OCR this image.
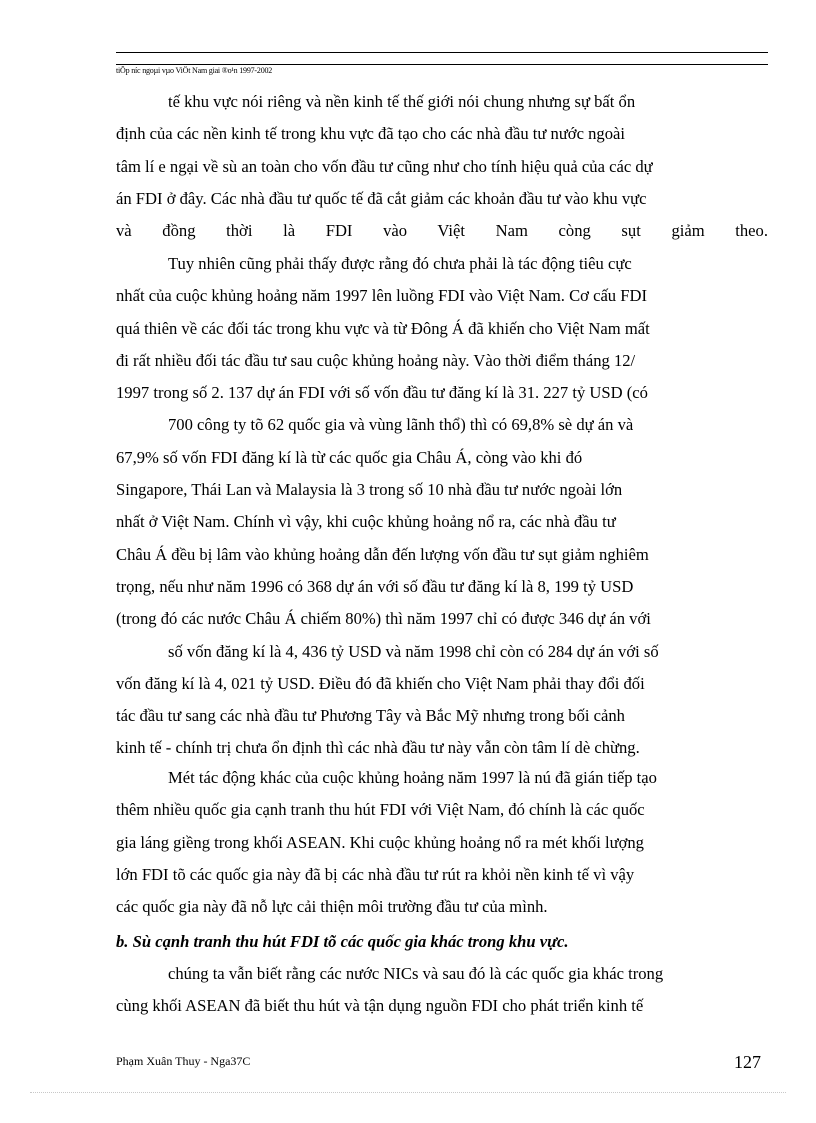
tiÕp níc ngoµi vµo ViÖt Nam giai ®o¹n 1997-2002
tế khu vực nói riêng và nền kinh tế thế giới nói chung nhưng sự bất ổn
định của các nền kinh tế trong khu vực đã tạo cho các nhà đầu tư nước ngoài
tâm lí e ngại về sù an toàn cho vốn đầu tư cũng như cho tính hiệu quả của các dự
án FDI ở đây. Các nhà đầu tư quốc tế đã cắt giảm các khoản đầu tư vào khu vực
và đồng thời là FDI vào Việt Nam còng sụt giảm theo.
Tuy nhiên cũng phải thấy được rằng đó chưa phải là tác động tiêu cực
nhất của cuộc khủng hoảng năm 1997 lên luồng FDI vào Việt Nam. Cơ cấu FDI
quá thiên về các đối tác trong khu vực và từ Đông Á đã khiến cho Việt Nam mất
đi rất nhiều đối tác đầu tư sau cuộc khủng hoảng này. Vào thời điểm tháng 12/
1997 trong số 2. 137 dự án FDI với số vốn đầu tư đăng kí là 31. 227 tỷ USD (có
700 công ty tõ 62 quốc gia và vùng lãnh thổ) thì có 69,8% sè dự án và
67,9% số vốn FDI đăng kí là từ các quốc gia Châu Á, còng vào khi đó
Singapore, Thái Lan và Malaysia là 3 trong số 10 nhà đầu tư nước ngoài lớn
nhất ở Việt Nam. Chính vì vậy, khi cuộc khủng hoảng nổ ra, các nhà đầu tư
Châu Á đều bị lâm vào khủng hoảng dẫn đến lượng vốn đầu tư sụt giảm nghiêm
trọng, nếu như năm 1996 có 368 dự án với số đầu tư đăng kí là 8, 199 tỷ USD
(trong đó các nước Châu Á chiếm 80%) thì năm 1997 chỉ có được 346 dự án với
số vốn đăng kí là 4, 436 tỷ USD và năm 1998 chỉ còn có 284 dự án với số
vốn đăng kí là 4, 021 tỷ USD. Điều đó đã khiến cho Việt Nam phải thay đổi đối
tác đầu tư sang các nhà đầu tư Phương Tây và Bắc Mỹ nhưng trong bối cảnh
kinh tế - chính trị chưa ổn định thì các nhà đầu tư này vẫn còn tâm lí dè chừng.
Mét tác động khác của cuộc khủng hoảng năm 1997 là nú đã gián tiếp tạo
thêm nhiều quốc gia cạnh tranh thu hút FDI với Việt Nam, đó chính là các quốc
gia láng giềng trong khối ASEAN. Khi cuộc khủng hoảng nổ ra mét khối lượng
lớn FDI tõ các quốc gia này đã bị các nhà đầu tư rút ra khỏi nền kinh tế vì vậy
các quốc gia này đã nỗ lực cải thiện môi trường đầu tư của mình.
b. Sù cạnh tranh thu hút FDI tõ các quốc gia khác trong khu vực.
chúng ta vẫn biết rằng các nước NICs và sau đó là các quốc gia khác trong
cùng khối ASEAN đã biết thu hút và tận dụng nguồn FDI cho phát triển kinh tế
Phạm Xuân Thuy - Nga37C	127
